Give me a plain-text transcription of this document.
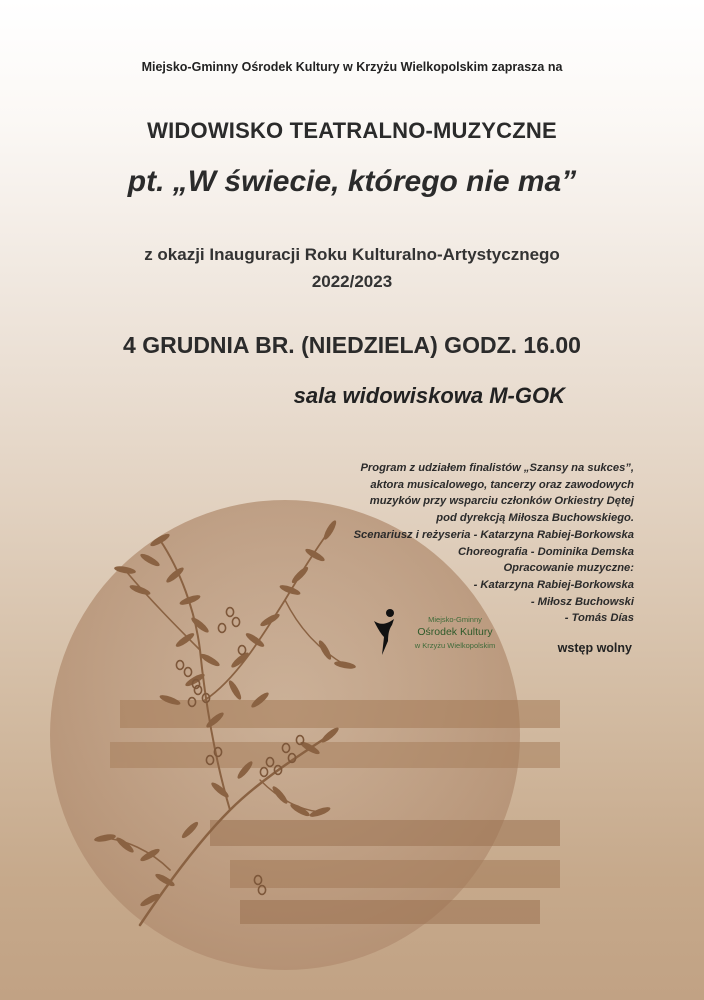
Miejsko-Gminny Ośrodek Kultury w Krzyżu Wielkopolskim zaprasza na

WIDOWISKO TEATRALNO-MUZYCZNE

pt. „W świecie, którego nie ma”

z okazji Inauguracji Roku Kulturalno-Artystycznego

2022/2023

4 GRUDNIA BR. (NIEDZIELA) GODZ. 16.00

sala widowiskowa M-GOK

Program z udziałem finalistów „Szansy na sukces”,
aktora musicalowego, tancerzy oraz zawodowych
muzyków przy wsparciu członków Orkiestry Dętej
pod dyrekcją Miłosza Buchowskiego.
Scenariusz i reżyseria - Katarzyna Rabiej-Borkowska
Choreografia - Dominika Demska
Opracowanie muzyczne:
- Katarzyna Rabiej-Borkowska
- Miłosz Buchowski
- Tomás Días

wstęp wolny

Miejsko-Gminny
Ośrodek Kultury
w Krzyżu Wielkopolskim
